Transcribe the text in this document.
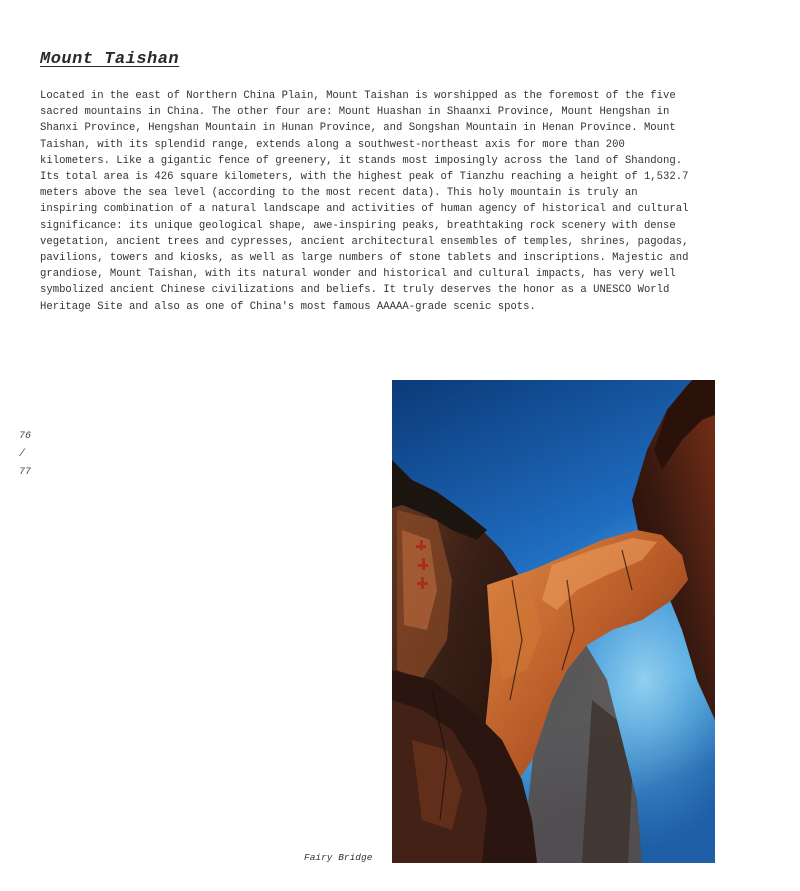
Mount Taishan

Located in the east of Northern China Plain, Mount Taishan is worshipped as the foremost of the five sacred mountains in China. The other four are: Mount Huashan in Shaanxi Province, Mount Hengshan in Shanxi Province, Hengshan Mountain in Hunan Province, and Songshan Mountain in Henan Province. Mount Taishan, with its splendid range, extends along a southwest-northeast axis for more than 200 kilometers. Like a gigantic fence of greenery, it stands most imposingly across the land of Shandong. Its total area is 426 square kilometers, with the highest peak of Tianzhu reaching a height of 1,532.7 meters above the sea level (according to the most recent data). This holy mountain is truly an inspiring combination of a natural landscape and activities of human agency of historical and cultural significance: its unique geological shape, awe-inspiring peaks, breathtaking rock scenery with dense vegetation, ancient trees and cypresses, ancient architectural ensembles of temples, shrines, pagodas, pavilions, towers and kiosks, as well as large numbers of stone tablets and inscriptions. Majestic and grandiose, Mount Taishan, with its natural wonder and historical and cultural impacts, has very well symbolized ancient Chinese civilizations and beliefs. It truly deserves the honor as a UNESCO World Heritage Site and also as one of China's most famous AAAAA-grade scenic spots.

76
/
77
Fairy Bridge
